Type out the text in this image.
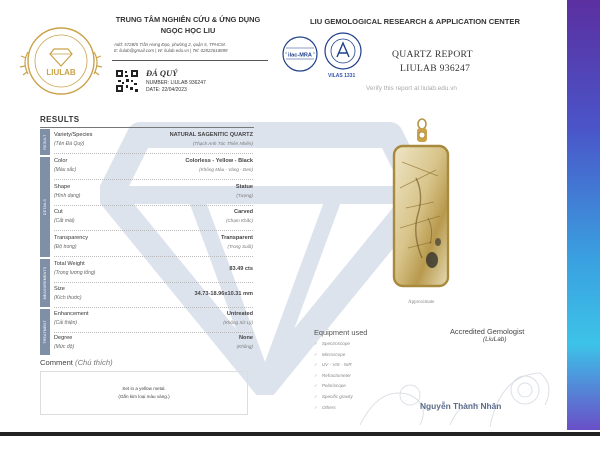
LIULAB
TRUNG TÂM NGHIÊN CỨU & ỨNG DỤNG
NGỌC HỌC LIU
Add: 572B/5 Trần Hưng Đạo, phường 2, quận 5, TPHCM.
E: liulab@gmail.com | W: liulab.edu.vn | Tel: 02822618899
ĐÁ QUÝ
NUMBER: LIULAB 936247
DATE: 22/04/2023
LIU GEMOLOGICAL RESEARCH & APPLICATION CENTER
ilac-MRA
VILAS 1331
QUARTZ REPORT
LIULAB 936247
Verify this report at liulab.edu.vn
RESULTS
RESULT
DETAILS
MEASUREMENTS
TREATMENT
Variety/Species
(Tên Đá Quý)
NATURAL SAGENITIC QUARTZ
(Thạch Anh Tóc Thiên Nhiên)
Color
(Màu sắc)
Colorless - Yellow - Black
(Không Màu - Vàng - Đen)
Shape
(Hình dạng)
Statue
(Tượng)
Cut
(Cắt mài)
Carved
(Chạm Khắc)
Transparency
(Độ trong)
Transparent
(Trong Suốt)
Total Weight
(Trọng lượng tổng)
83.49 cts
Size
(Kích thước)
34.73-18.96x10.31 mm
Enhancement
(Cải thiện)
Untreated
(Không Xử Lý)
Degree
(Mức độ)
None
(Không)
Comment (Chú thích)
Set in a yellow metal.
(Gắn kim loại màu vàng.)
Approximate
Equipment used
✓ Spectroscope
✓ Microscope
✓ UV - VIS - NIR
✓ Refractometer
✓ Polariscope
✓ Specific gravity
✓ Others
Accredited Gemologist
(LiuLab)
Nguyễn Thành Nhân
